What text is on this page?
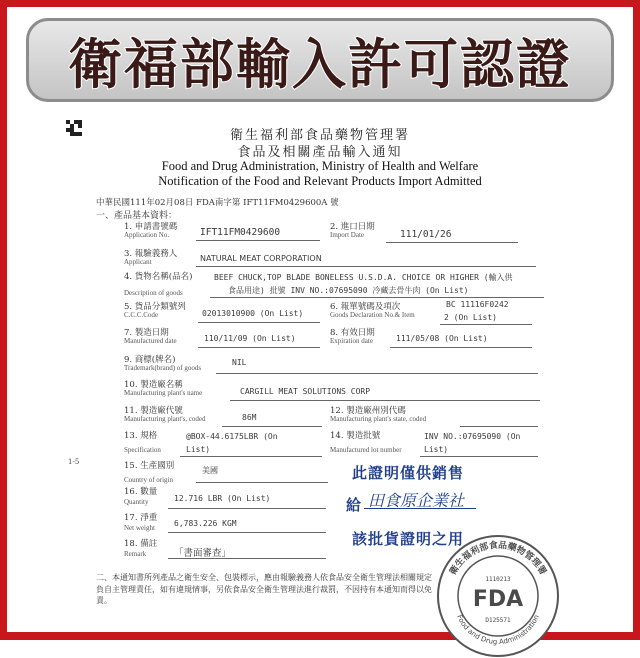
衛福部輸入許可認證
衛生福利部食品藥物管理署
食品及相關產品輸入通知
Food and Drug Administration, Ministry of Health and Welfare
Notification of the Food and Relevant Products Import Admitted
中華民國111年02月08日 FDA南字第 IFT11FM0429600A 號
一、產品基本資料：
1. 申請書號碼
Application No.	IFT11FM0429600	2. 進口日期
Import Date	111/01/26
3. 報驗義務人
Applicant	NATURAL MEAT CORPORATION
4. 貨物名稱(品名)
Description of goods
BEEF CHUCK,TOP BLADE BONELESS U.S.D.A. CHOICE OR HIGHER (輸入供
食品用途) 批號 INV NO.:07695090 冷藏去骨牛肉 (On List)
5. 貨品分類號列
C.C.C.Code	02013010900 (On List)
6. 報單號碼及項次
Goods Declaration No.& Item
BC 11116F0242
2 (On List)
7. 製造日期
Manufactured date	110/11/09 (On List)
8. 有效日期
Expiration date	111/05/08 (On List)
9. 商標(牌名)
Trademark(brand) of goods
NIL
10. 製造廠名稱
Manufacturing plant's name	CARGILL MEAT SOLUTIONS CORP
11. 製造廠代號
Manufacturing plant's, coded	86M
12. 製造廠州別代碼
Manufacturing plant's state, coded
13. 規格
Specification
@BOX-44.6175LBR (On
List)
14. 製造批號
Manufactured lot number
INV NO.:07695090 (On
List)
1-5	15. 生產國別
Country of origin
美國
16. 數量
Quantity	12.716 LBR (On List)
17. 淨重
Net weight
6,783.226 KGM
18. 備註
Remark	「書面審查」
二、本通知書所列產品之衛生安全、包裝標示，應由報驗義務人依食品安全衛生管理法相關規定負自主管理責任，如有違規情事，另依食品安全衛生管理法進行裁罰，不因持有本通知而得以免責。
此證明僅供銷售
給 田食原企業社
該批貨證明之用
衛生福利部食品藥物管理署
Food and Drug Administration
1110213
FDA
D125571
